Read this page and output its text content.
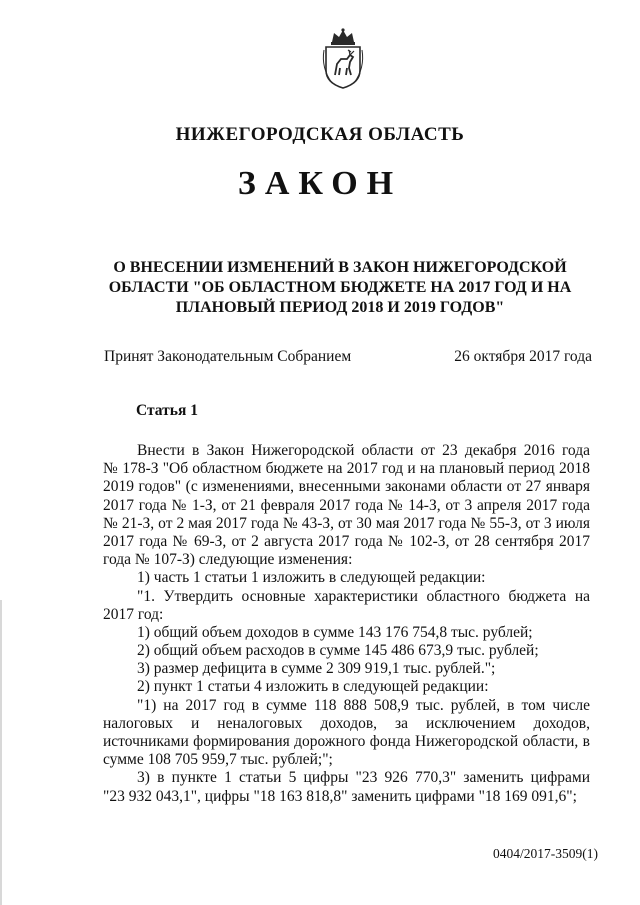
НИЖЕГОРОДСКАЯ ОБЛАСТЬ
ЗАКОН
О ВНЕСЕНИИ ИЗМЕНЕНИЙ В ЗАКОН НИЖЕГОРОДСКОЙ
ОБЛАСТИ "ОБ ОБЛАСТНОМ БЮДЖЕТЕ НА 2017 ГОД И НА
ПЛАНОВЫЙ ПЕРИОД 2018 И 2019 ГОДОВ"
Принят Законодательным Собранием	26 октября 2017 года
Статья 1
Внести в Закон Нижегородской области от 23 декабря 2016 года
№ 178-З "Об областном бюджете на 2017 год и на плановый период 2018
2019 годов" (с изменениями, внесенными законами области от 27 января
2017 года № 1-З, от 21 февраля 2017 года № 14-З, от 3 апреля 2017 года
№ 21-З, от 2 мая 2017 года № 43-З, от 30 мая 2017 года № 55-З, от 3 июля
2017 года № 69-З, от 2 августа 2017 года № 102-З, от 28 сентября 2017
года № 107-З) следующие изменения:
1) часть 1 статьи 1 изложить в следующей редакции:
"1. Утвердить основные характеристики областного бюджета на
2017 год:
1) общий объем доходов в сумме 143 176 754,8 тыс. рублей;
2) общий объем расходов в сумме 145 486 673,9 тыс. рублей;
3) размер дефицита в сумме 2 309 919,1 тыс. рублей.";
2) пункт 1 статьи 4 изложить в следующей редакции:
"1) на 2017 год в сумме 118 888 508,9 тыс. рублей, в том числе
налоговых и неналоговых доходов, за исключением доходов,
источниками формирования дорожного фонда Нижегородской области, в
сумме 108 705 959,7 тыс. рублей;";
3) в пункте 1 статьи 5 цифры "23 926 770,3" заменить цифрами
"23 932 043,1", цифры "18 163 818,8" заменить цифрами "18 169 091,6";
0404/2017-3509(1)
